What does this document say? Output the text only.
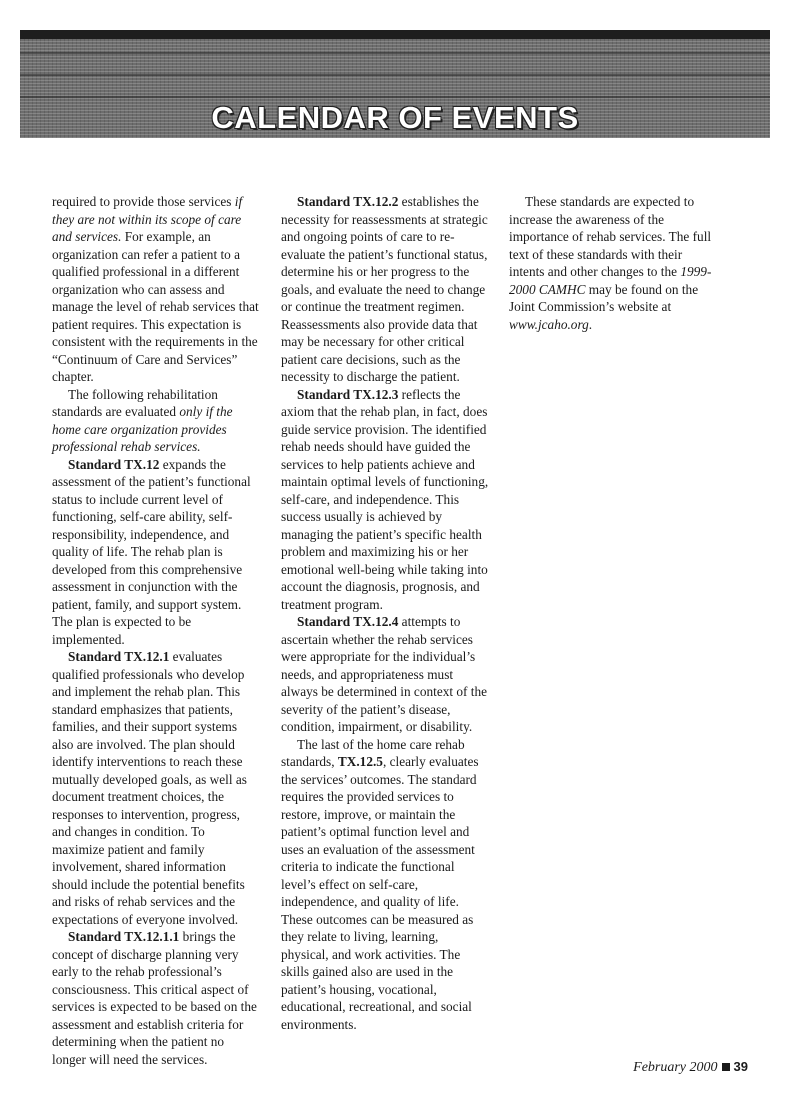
CALENDAR OF EVENTS

required to provide those services if they are not within its scope of care and services. For example, an organization can refer a patient to a qualified professional in a different organization who can assess and manage the level of rehab services that patient requires. This expectation is consistent with the requirements in the “Continuum of Care and Services” chapter.

The following rehabilitation standards are evaluated only if the home care organization provides professional rehab services.

Standard TX.12 expands the assessment of the patient’s functional status to include current level of functioning, self-care ability, self-responsibility, independence, and quality of life. The rehab plan is developed from this comprehensive assessment in conjunction with the patient, family, and support system. The plan is expected to be implemented.

Standard TX.12.1 evaluates qualified professionals who develop and implement the rehab plan. This standard emphasizes that patients, families, and their support systems also are involved. The plan should identify interventions to reach these mutually developed goals, as well as document treatment choices, the responses to intervention, progress, and changes in condition. To maximize patient and family involvement, shared information should include the potential benefits and risks of rehab services and the expectations of everyone involved.

Standard TX.12.1.1 brings the concept of discharge planning very early to the rehab professional’s consciousness. This critical aspect of services is expected to be based on the assessment and establish criteria for determining when the patient no longer will need the services.

Standard TX.12.2 establishes the necessity for reassessments at strategic and ongoing points of care to re-evaluate the patient’s functional status, determine his or her progress to the goals, and evaluate the need to change or continue the treatment regimen. Reassessments also provide data that may be necessary for other critical patient care decisions, such as the necessity to discharge the patient.

Standard TX.12.3 reflects the axiom that the rehab plan, in fact, does guide service provision. The identified rehab needs should have guided the services to help patients achieve and maintain optimal levels of functioning, self-care, and independence. This success usually is achieved by managing the patient’s specific health problem and maximizing his or her emotional well-being while taking into account the diagnosis, prognosis, and treatment program.

Standard TX.12.4 attempts to ascertain whether the rehab services were appropriate for the individual’s needs, and appropriateness must always be determined in context of the severity of the patient’s disease, condition, impairment, or disability.

The last of the home care rehab standards, TX.12.5, clearly evaluates the services’ outcomes. The standard requires the provided services to restore, improve, or maintain the patient’s optimal function level and uses an evaluation of the assessment criteria to indicate the functional level’s effect on self-care, independence, and quality of life. These outcomes can be measured as they relate to living, learning, physical, and work activities. The skills gained also are used in the patient’s housing, vocational, educational, recreational, and social environments.

These standards are expected to increase the awareness of the importance of rehab services. The full text of these standards with their intents and other changes to the 1999-2000 CAMHC may be found on the Joint Commission’s website at www.jcaho.org.

February 2000 39
